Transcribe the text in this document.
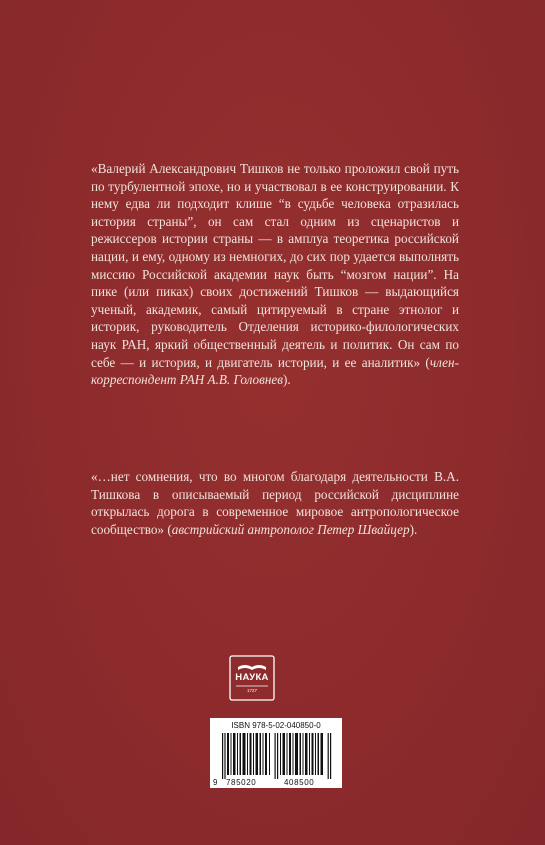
«Валерий Александрович Тишков не только проложил свой путь по турбулентной эпохе, но и участвовал в ее конструировании. К нему едва ли подходит клише “в судьбе человека отразилась история страны”, он сам стал одним из сценаристов и режиссеров истории страны — в амплуа теоретика российской нации, и ему, одному из немногих, до сих пор удается выполнять миссию Российской академии наук быть “мозгом нации”. На пике (или пиках) своих достижений Тишков — выдающийся ученый, академик, самый цитируемый в стране этнолог и историк, руководитель Отделения историко-филологических наук РАН, яркий общественный деятель и политик. Он сам по себе — и история, и двигатель истории, и ее аналитик» (член-корреспондент РАН А.В. Головнев).

«…нет сомнения, что во многом благодаря деятельности В.А. Тишкова в описываемый период российской дисциплине открылась дорога в современное мировое антропологическое сообщество» (австрийский антрополог Петер Швайцер).

НАУКА
1727
ISBN 978-5-02-040850-0
9 785020	408500
